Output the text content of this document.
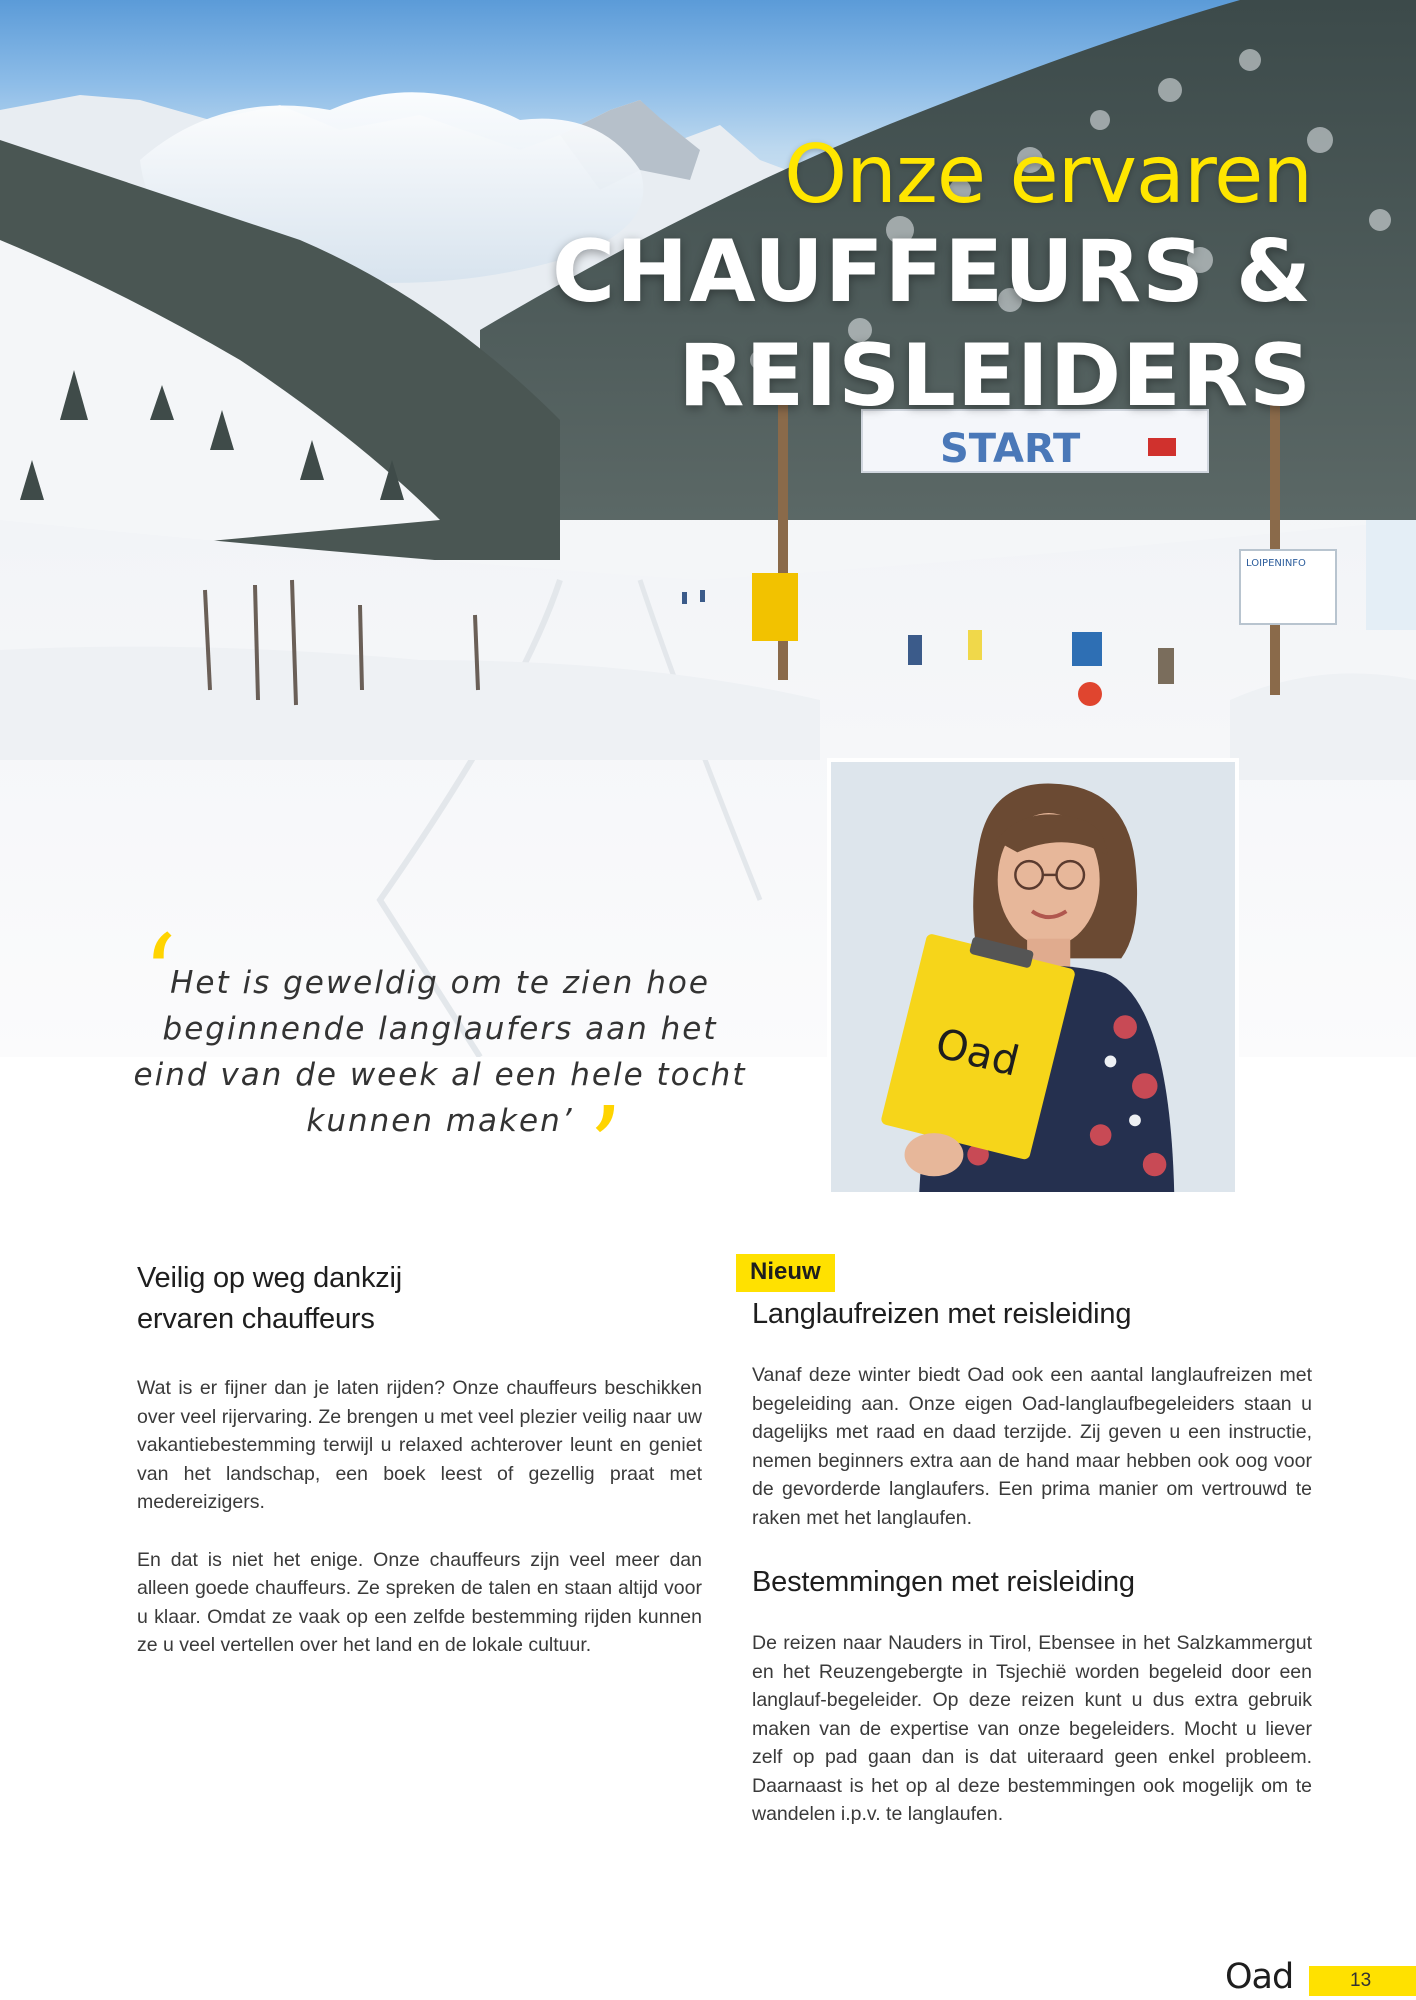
START
LOIPENINFO
Onze ervaren
CHAUFFEURS &
REISLEIDERS
‘
Het is geweldig om te zien hoe
beginnende langlaufers aan het
eind van de week al een hele tocht
kunnen maken’ ’
Oad
Veilig op weg dankzij
ervaren chauffeurs

Wat is er fijner dan je laten rijden? Onze chauffeurs beschikken over veel rijervaring. Ze brengen u met veel plezier veilig naar uw vakantiebestemming terwijl u relaxed achterover leunt en geniet van het landschap, een boek leest of gezellig praat met medereizigers.

En dat is niet het enige. Onze chauffeurs zijn veel meer dan alleen goede chauffeurs. Ze spreken de talen en staan altijd voor u klaar. Omdat ze vaak op een zelfde bestemming rijden kunnen ze u veel vertellen over het land en de lokale cultuur.

Nieuw
Langlaufreizen met reisleiding

Vanaf deze winter biedt Oad ook een aantal langlaufreizen met begeleiding aan. Onze eigen Oad-langlaufbegeleiders staan u dagelijks met raad en daad terzijde. Zij geven u een instructie, nemen beginners extra aan de hand maar hebben ook oog voor de gevorderde langlaufers. Een prima manier om vertrouwd te raken met het langlaufen.

Bestemmingen met reisleiding

De reizen naar Nauders in Tirol, Ebensee in het Salzkammergut en het Reuzengebergte in Tsjechië worden begeleid door een langlauf-begeleider. Op deze reizen kunt u dus extra gebruik maken van de expertise van onze begeleiders. Mocht u liever zelf op pad gaan dan is dat uiteraard geen enkel probleem. Daarnaast is het op al deze bestemmingen ook mogelijk om te wandelen i.p.v. te langlaufen.

Oad	13
